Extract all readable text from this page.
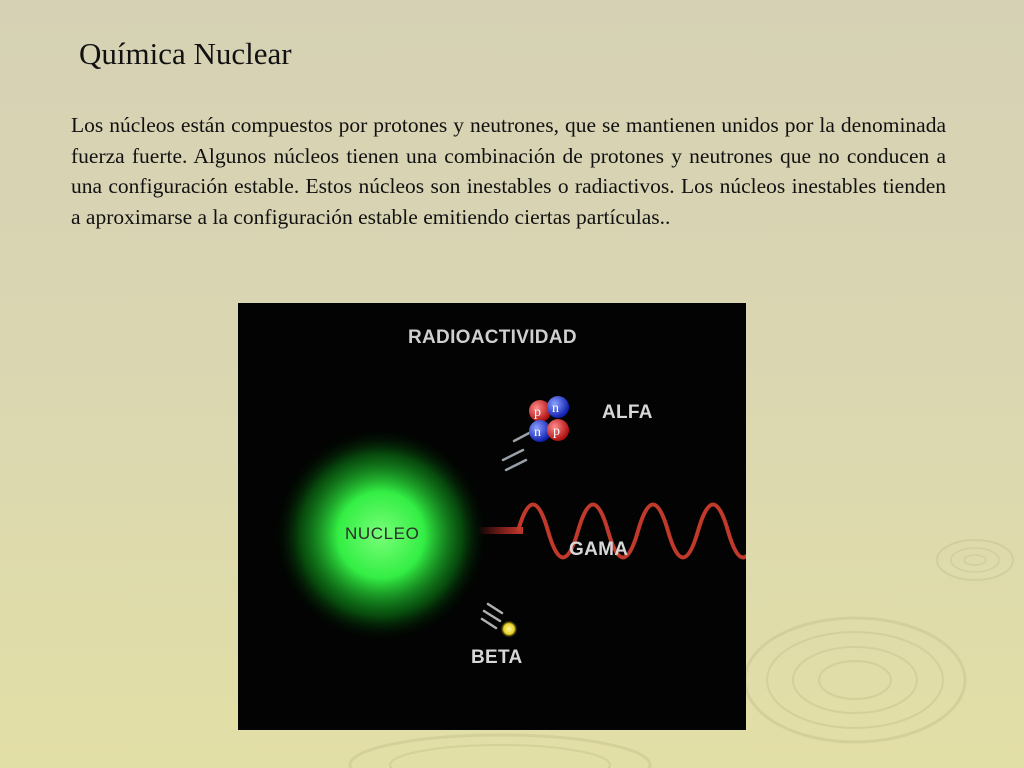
Química Nuclear

Los núcleos están compuestos por protones y neutrones, que se mantienen unidos por la denominada fuerza fuerte. Algunos núcleos tienen una combinación de protones y neutrones que no conducen a una configuración estable. Estos núcleos son inestables o radiactivos. Los núcleos inestables tienden a aproximarse a la configuración estable emitiendo ciertas partículas..

n
p
n p
RADIOACTIVIDAD
ALFA
NUCLEO
GAMA
BETA
